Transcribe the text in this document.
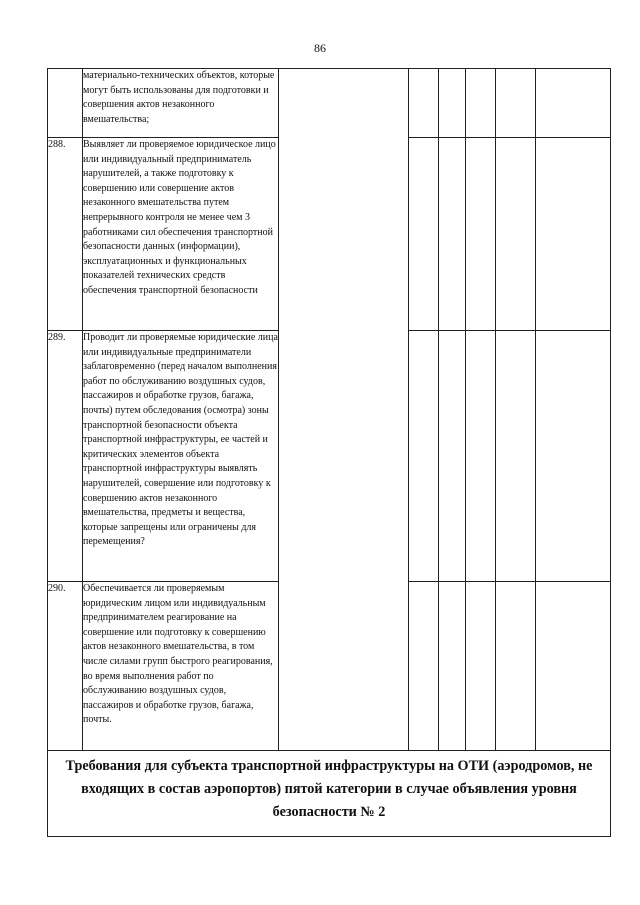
86
	материально-технических объектов, которые могут быть использованы для подготовки и совершения актов незаконного вмешательства;						
288.	Выявляет ли проверяемое юридическое лицо или индивидуальный предприниматель нарушителей, а также подготовку к совершению или совершение актов незаконного вмешательства путем непрерывного контроля не менее чем 3 работниками сил обеспечения транспортной безопасности данных (информации), эксплуатационных и функциональных показателей технических средств обеспечения транспортной безопасности						
289.	Проводит ли проверяемые юридические лица или индивидуальные предприниматели заблаговременно (перед началом выполнения работ по обслуживанию воздушных судов, пассажиров и обработке грузов, багажа, почты) путем обследования (осмотра) зоны транспортной безопасности объекта транспортной инфраструктуры, ее частей и критических элементов объекта транспортной инфраструктуры выявлять нарушителей, совершение или подготовку к совершению актов незаконного вмешательства, предметы и вещества, которые запрещены или ограничены для перемещения?						
290.	Обеспечивается ли проверяемым юридическим лицом или индивидуальным предпринимателем реагирование на совершение или подготовку к совершению актов незаконного вмешательства, в том числе силами групп быстрого реагирования, во время выполнения работ по обслуживанию воздушных судов, пассажиров и обработке грузов, багажа, почты.						
Требования для субъекта транспортной инфраструктуры на ОТИ (аэродромов, не входящих в состав аэропортов) пятой категории в случае объявления уровня безопасности № 2							
